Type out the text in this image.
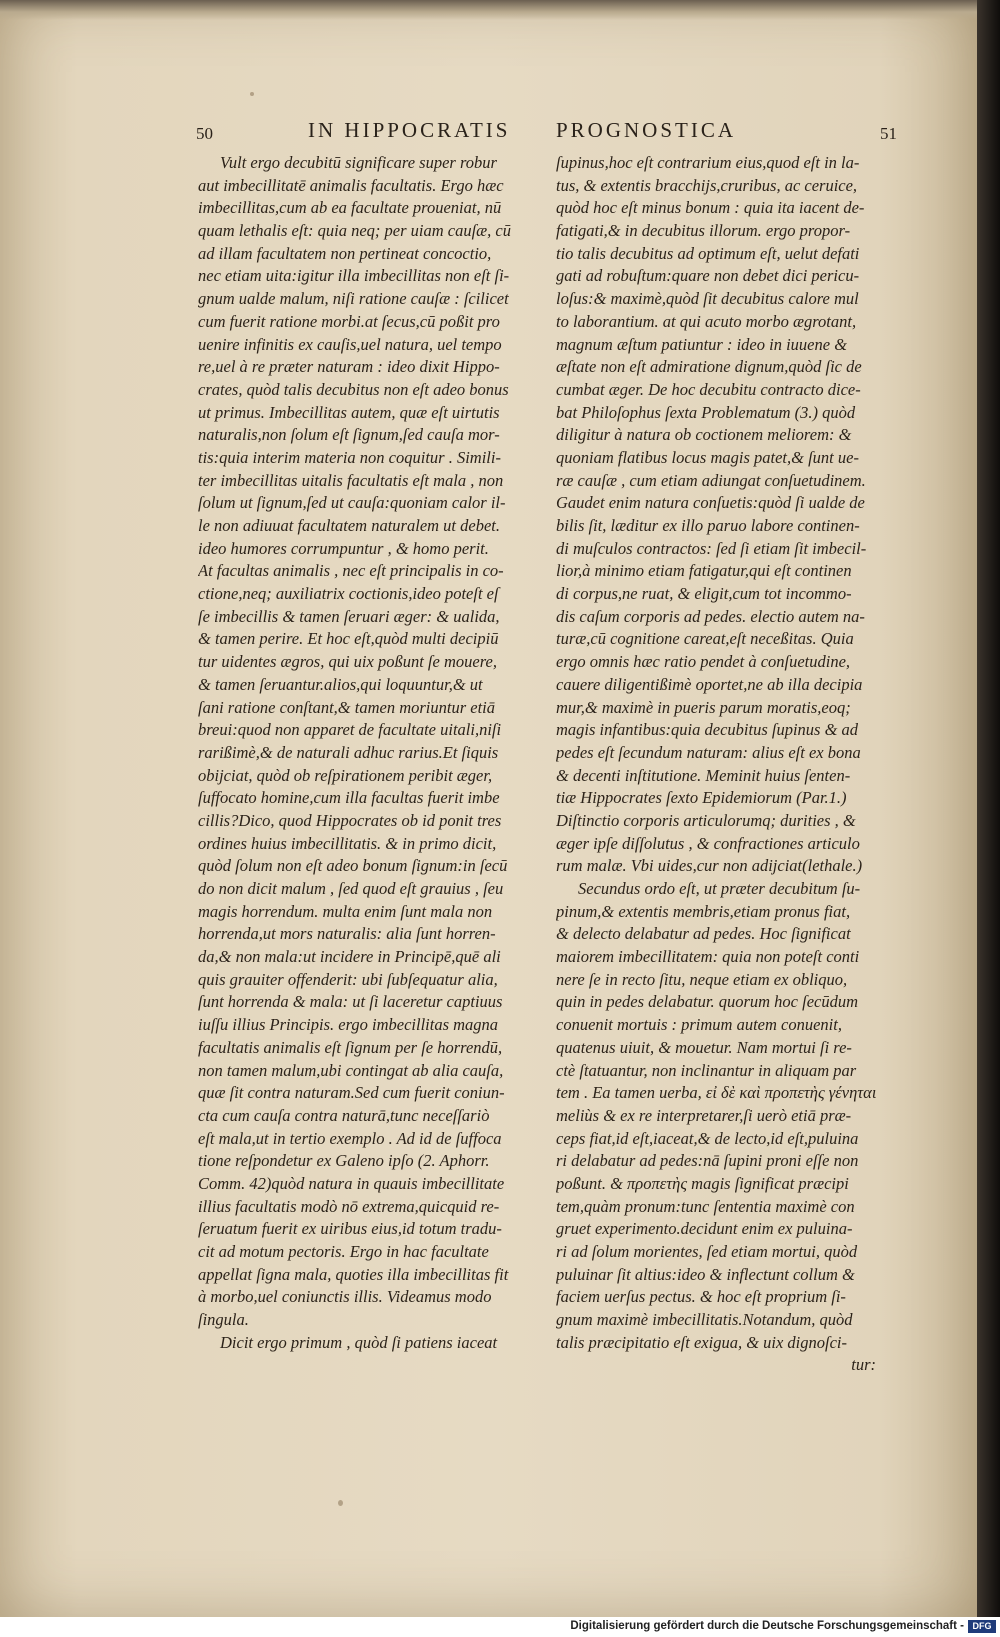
50	IN HIPPOCRATIS PROGNOSTICA	51
Vult ergo decubitū significare super robur
aut imbecillitatē animalis facultatis. Ergo hæc
imbecillitas,cum ab ea facultate proueniat, nū
quam lethalis eſt: quia neq; per uiam cauſæ, cū
ad illam facultatem non pertineat concoctio,
nec etiam uita:igitur illa imbecillitas non eſt ſi-
gnum ualde malum, niſi ratione cauſæ : ſcilicet
cum fuerit ratione morbi.at ſecus,cū poßit pro
uenire infinitis ex cauſis,uel natura, uel tempo
re,uel à re præter naturam : ideo dixit Hippo-
crates, quòd talis decubitus non eſt adeo bonus
ut primus. Imbecillitas autem, quæ eſt uirtutis
naturalis,non ſolum eſt ſignum,ſed cauſa mor-
tis:quia interim materia non coquitur . Simili-
ter imbecillitas uitalis facultatis eſt mala , non
ſolum ut ſignum,ſed ut cauſa:quoniam calor il-
le non adiuuat facultatem naturalem ut debet.
ideo humores corrumpuntur , & homo perit.
At facultas animalis , nec eſt principalis in co-
ctione,neq; auxiliatrix coctionis,ideo poteſt eſ
ſe imbecillis & tamen ſeruari æger: & ualida,
& tamen perire. Et hoc eſt,quòd multi decipiū
tur uidentes ægros, qui uix poßunt ſe mouere,
& tamen ſeruantur.alios,qui loquuntur,& ut
ſani ratione conſtant,& tamen moriuntur etiā
breui:quod non apparet de facultate uitali,niſi
rarißimè,& de naturali adhuc rarius.Et ſiquis
obijciat, quòd ob reſpirationem peribit æger,
ſuffocato homine,cum illa facultas fuerit imbe
cillis?Dico, quod Hippocrates ob id ponit tres
ordines huius imbecillitatis. & in primo dicit,
quòd ſolum non eſt adeo bonum ſignum:in ſecū
do non dicit malum , ſed quod eſt grauius , ſeu
magis horrendum. multa enim ſunt mala non
horrenda,ut mors naturalis: alia ſunt horren-
da,& non mala:ut incidere in Principē,quē ali
quis grauiter offenderit: ubi ſubſequatur alia,
ſunt horrenda & mala: ut ſi laceretur captiuus
iuſſu illius Principis. ergo imbecillitas magna
facultatis animalis eſt ſignum per ſe horrendū,
non tamen malum,ubi contingat ab alia cauſa,
quæ ſit contra naturam.Sed cum fuerit coniun-
cta cum cauſa contra naturā,tunc neceſſariò
eſt mala,ut in tertio exemplo . Ad id de ſuffoca
tione reſpondetur ex Galeno ipſo (2. Aphorr.
Comm. 42)quòd natura in quauis imbecillitate
illius facultatis modò nō extrema,quicquid re-
ſeruatum fuerit ex uiribus eius,id totum tradu-
cit ad motum pectoris. Ergo in hac facultate
appellat ſigna mala, quoties illa imbecillitas fit
à morbo,uel coniunctis illis. Videamus modo
ſingula.
Dicit ergo primum , quòd ſi patiens iaceat
ſupinus,hoc eſt contrarium eius,quod eſt in la-
tus, & extentis bracchijs,cruribus, ac ceruice,
quòd hoc eſt minus bonum : quia ita iacent de-
fatigati,& in decubitus illorum. ergo propor-
tio talis decubitus ad optimum eſt, uelut defati
gati ad robuſtum:quare non debet dici pericu-
loſus:& maximè,quòd ſit decubitus calore mul
to laborantium. at qui acuto morbo ægrotant,
magnum æſtum patiuntur : ideo in iuuene &
æſtate non eſt admiratione dignum,quòd ſic de
cumbat æger. De hoc decubitu contracto dice-
bat Philoſophus ſexta Problematum (3.) quòd
diligitur à natura ob coctionem meliorem: &
quoniam flatibus locus magis patet,& ſunt ue-
ræ cauſæ , cum etiam adiungat conſuetudinem.
Gaudet enim natura conſuetis:quòd ſi ualde de
bilis ſit, læditur ex illo paruo labore continen-
di muſculos contractos: ſed ſi etiam ſit imbecil-
lior,à minimo etiam fatigatur,qui eſt continen
di corpus,ne ruat, & eligit,cum tot incommo-
dis caſum corporis ad pedes. electio autem na-
turæ,cū cognitione careat,eſt neceßitas. Quia
ergo omnis hæc ratio pendet à conſuetudine,
cauere diligentißimè oportet,ne ab illa decipia
mur,& maximè in pueris parum moratis,eoq;
magis infantibus:quia decubitus ſupinus & ad
pedes eſt ſecundum naturam: alius eſt ex bona
& decenti inſtitutione. Meminit huius ſenten-
tiæ Hippocrates ſexto Epidemiorum (Par.1.)
Diſtinctio corporis articulorumq; durities , &
æger ipſe diſſolutus , & confractiones articulo
rum malæ. Vbi uides,cur non adijciat(lethale.)
Secundus ordo eſt, ut præter decubitum ſu-
pinum,& extentis membris,etiam pronus fiat,
& delecto delabatur ad pedes. Hoc ſignificat
maiorem imbecillitatem: quia non poteſt conti
nere ſe in recto ſitu, neque etiam ex obliquo,
quin in pedes delabatur. quorum hoc ſecūdum
conuenit mortuis : primum autem conuenit,
quatenus uiuit, & mouetur. Nam mortui ſi re-
ctè ſtatuantur, non inclinantur in aliquam par
tem . Ea tamen uerba, εἰ δὲ καὶ προπετὴς γένηται
meliùs & ex re interpretarer,ſi uerò etiā præ-
ceps fiat,id eſt,iaceat,& de lecto,id eſt,puluina
ri delabatur ad pedes:nā ſupini proni eſſe non
poßunt. & προπετὴς magis ſignificat præcipi
tem,quàm pronum:tunc ſententia maximè con
gruet experimento.decidunt enim ex puluina-
ri ad ſolum morientes, ſed etiam mortui, quòd
puluinar ſit altius:ideo & inflectunt collum &
faciem uerſus pectus. & hoc eſt proprium ſi-
gnum maximè imbecillitatis.Notandum, quòd
talis præcipitatio eſt exigua, & uix dignoſci-
tur:
Digitalisierung gefördert durch die Deutsche Forschungsgemeinschaft - DFG
